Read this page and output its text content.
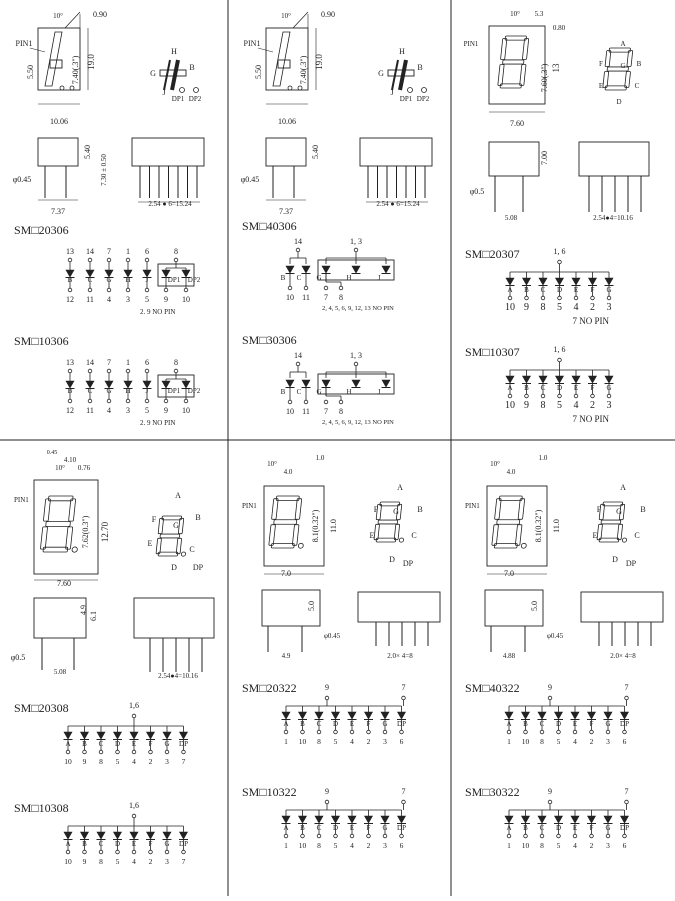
10°	0.90
PIN1
19.0
5.50	7.40(.3")
10.06
H
G
B
J
DP1 DP2
5.40
φ0.45
7.37
7.30 ± 0.50
2.54 ● 6=15.24
SM□20306
13 14 7 1 6	8
B
12
C
11
G
4
H
3
J
5
DP1
9
DP2
10
2. 9 NO PIN
SM□10306
13 14 7 1 6	8
B
12
C
11
G
4
H
3
J
5
DP1
9
DP2
10
2. 9 NO PIN
10°	0.90
PIN1
19.0
5.50	7.40(.3")
10.06
H
G
B
J
DP1 DP2
5.40
φ0.45
7.37
2.54 ● 6=15.24
SM□40306
14	1, 3
B C G	H	J
10 11 7 8
2, 4, 5, 6, 9, 12, 13 NO PIN
SM□30306
14	1, 3
B C G	H	J
10 11 7 8
2, 4, 5, 6, 9, 12, 13 NO PIN
10° 5.3
0.80
PIN1
13
7.60(.3")
7.60
A
F	G B
E	C
D
7.00
φ0.5
5.08	2.54●4=10.16
SM□20307	1, 6
A
10
B
9
C
8
D
5
E
4
F
2
G
3
7 NO PIN
SM□10307	1, 6
A
10
B
9
C
8
D
5
E
4
F
2
G
3
7 NO PIN
4.10
10° 0.76
0.45
PIN1
12.70
7.62(0.3")
7.60
A
F
G
B
E
C
D DP
4.9
6.1
φ0.5
5.08	2.54●4=10.16
SM□20308	1,6
A
10
B
9
C
8
D
5
E
4
F
2
G
3
DP
7
SM□10308	1,6
A
10
B
9
C
8
D
5
E
4
F
2
G
3
DP
7
10°
4.0
1.0
PIN1
8.1(0.32") 11.0
7.0
A
F G B
E	C
D DP
5.0
φ0.45
4.9	2.0× 4=8
SM□20322	9	7
A
1
B
10
C
8
D
5
E
4
F
2
G
3
DP
6
SM□10322	9	7
A
1
B
10
C
8
D
5
E
4
F
2
G
3
DP
6
10°
4.0
1.0
PIN1
8.1(0.32") 11.0
7.0
A
F G B
E	C
D DP
5.0
φ0.45
4.88	2.0× 4=8
SM□40322	9	7
A
1
B
10
C
8
D
5
E
4
F
2
G
3
DP
6
SM□30322	9	7
A
1
B
10
C
8
D
5
E
4
F
2
G
3
DP
6
